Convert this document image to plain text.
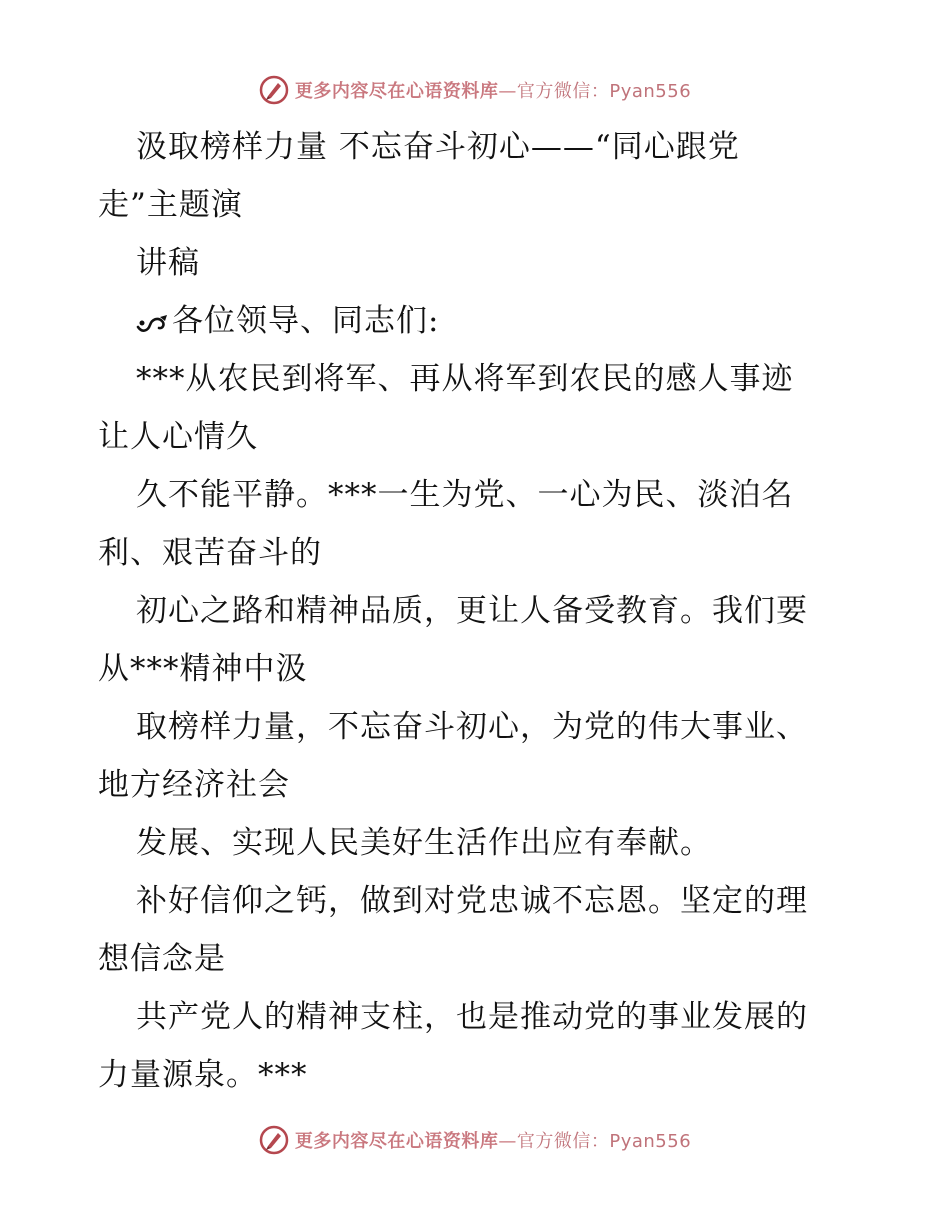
更多内容尽在心语资料库—官方微信：Pyan556
汲取榜样力量 不忘奋斗初心——“同心跟党
走”主题演
讲稿
各位领导、同志们:
***从农民到将军、再从将军到农民的感人事迹
让人心情久
久不能平静。***一生为党、一心为民、淡泊名
利、艰苦奋斗的
初心之路和精神品质，更让人备受教育。我们要
从***精神中汲
取榜样力量，不忘奋斗初心，为党的伟大事业、
地方经济社会
发展、实现人民美好生活作出应有奉献。
补好信仰之钙，做到对党忠诚不忘恩。坚定的理
想信念是
共产党人的精神支柱，也是推动党的事业发展的
力量源泉。***
更多内容尽在心语资料库—官方微信：Pyan556
